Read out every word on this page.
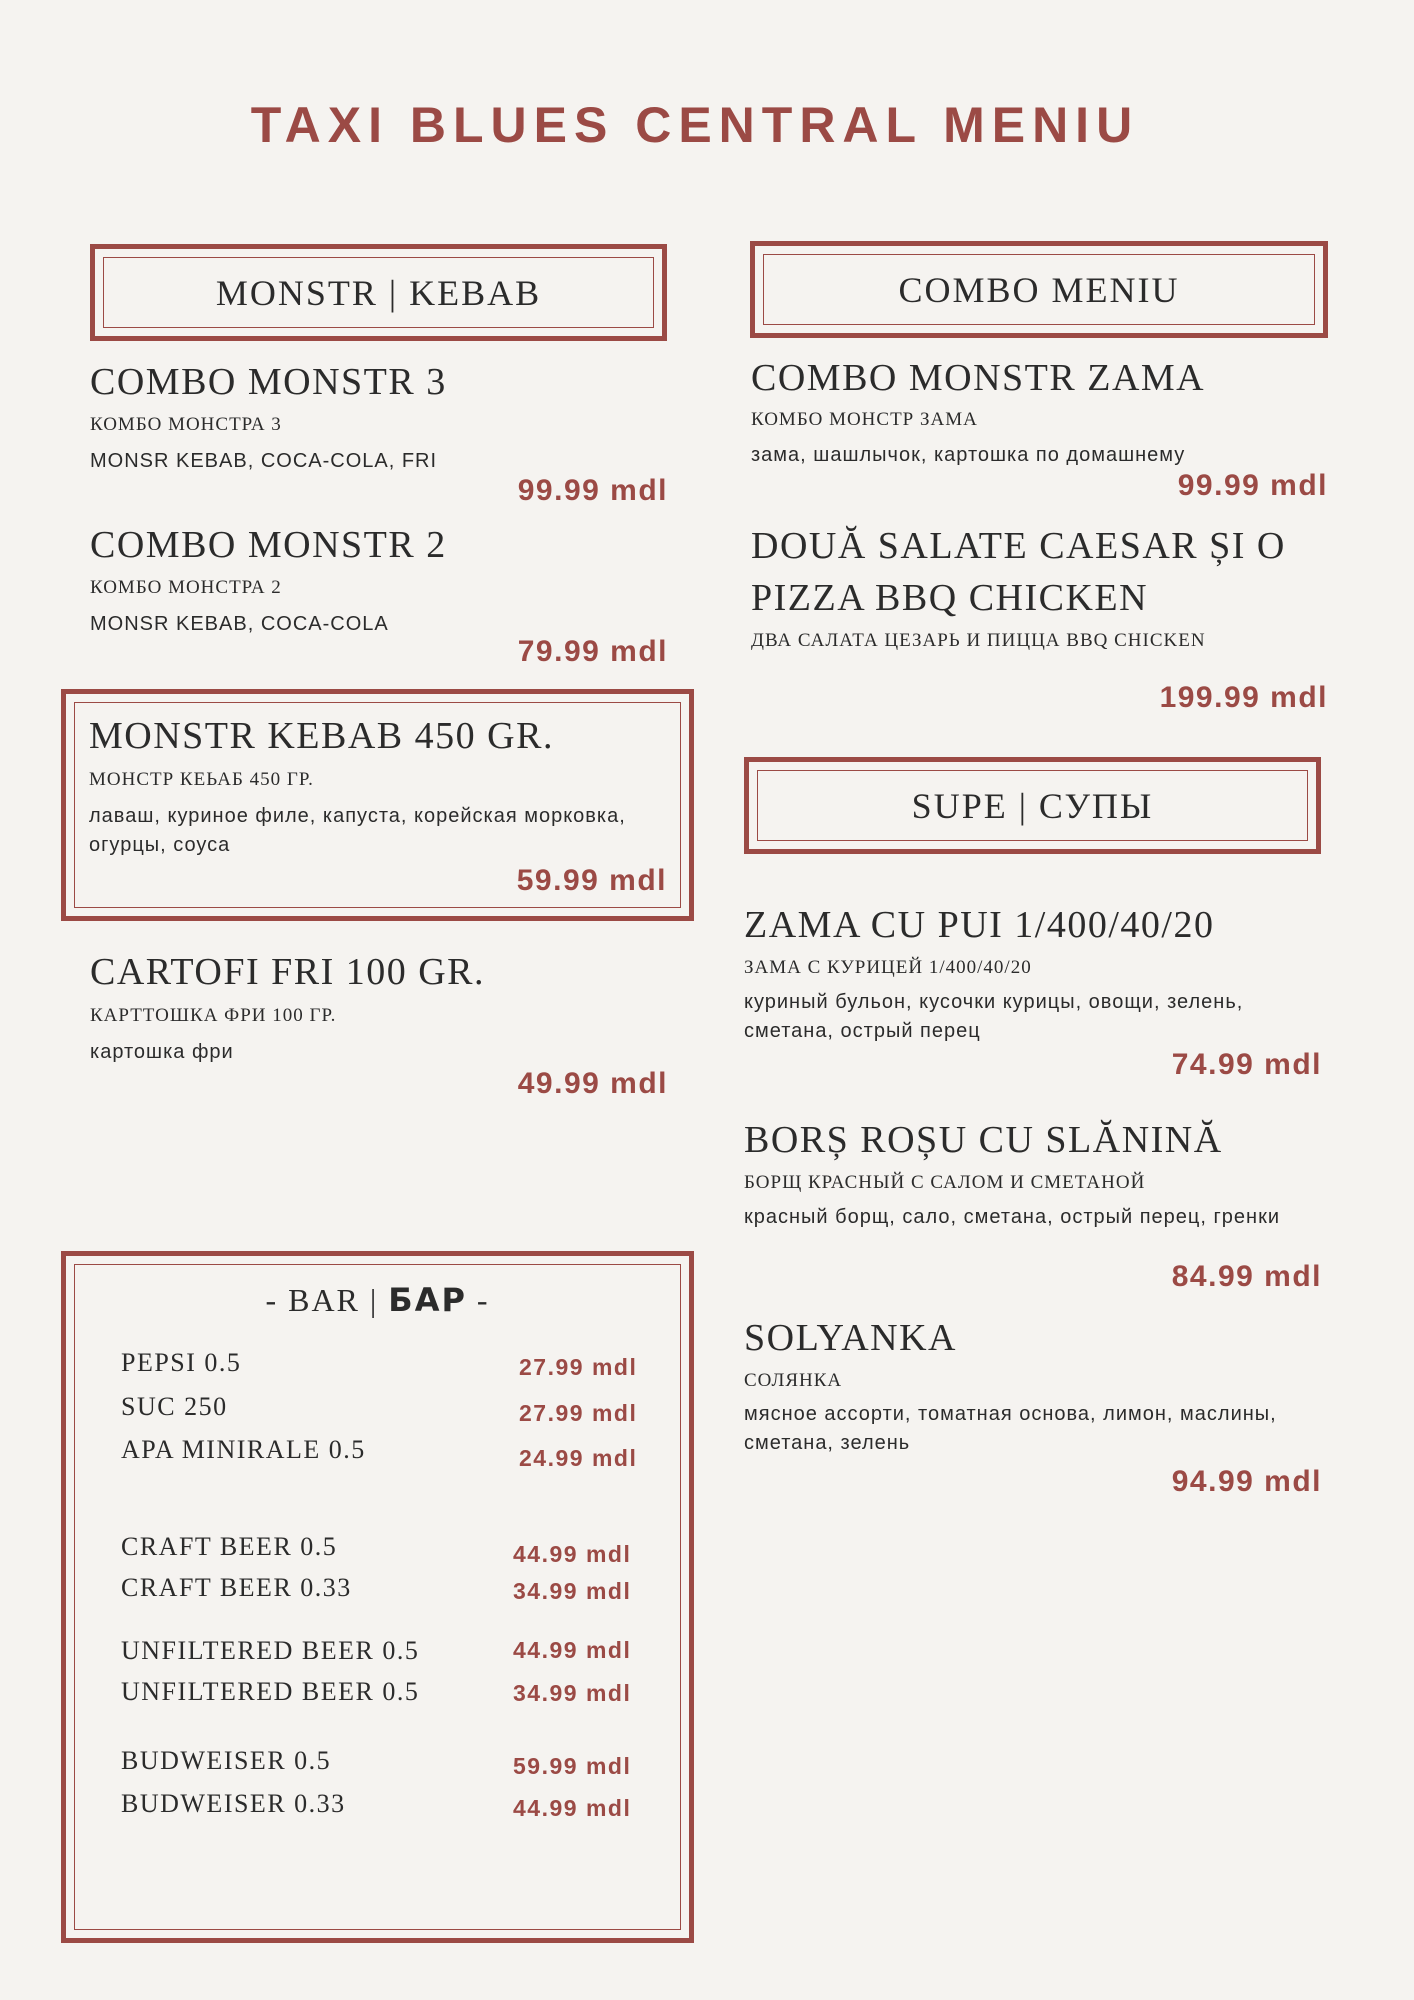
TAXI BLUES CENTRAL MENIU
MONSTR | KEBAB	COMBO MENIU
SUPE | СУПЫ
COMBO MONSTR 3
КОМБО МОНСТРА 3
MONSR KEBAB, COCA-COLA, FRI
99.99 mdl
COMBO MONSTR 2
КОМБО МОНСТРА 2
MONSR KEBAB, COCA-COLA
79.99 mdl
MONSTR KEBAB 450 GR.
МОНСТР КЕЬАБ 450 ГР.
лаваш, куриное филе, капуста, корейская морковка, огурцы, соуса
59.99 mdl
CARTOFI FRI 100 GR.
КАРТТОШКА ФРИ 100 ГР.
картошка фри
49.99 mdl
COMBO MONSTR ZAMA
КОМБО МОНСТР ЗАМА
зама, шашлычок, картошка по домашнему
99.99 mdl
DOUĂ SALATE CAESAR ȘI O PIZZA BBQ CHICKEN
ДВА САЛАТА ЦЕЗАРЬ И ПИЦЦА BBQ CHICKEN
199.99 mdl
ZAMA CU PUI 1/400/40/20
ЗАМА С КУРИЦЕЙ 1/400/40/20
куриный бульон, кусочки курицы, овощи, зелень, сметана, острый перец
74.99 mdl
BORȘ ROȘU CU SLĂNINĂ
БОРЩ КРАСНЫЙ С САЛОМ И СМЕТАНОЙ
красный борщ, сало, сметана, острый перец, гренки
84.99 mdl
SOLYANKA
СОЛЯНКА
мясное ассорти, томатная основа, лимон, маслины, сметана, зелень
94.99 mdl
- BAR | БАР -
PEPSI 0.5	27.99 mdl
SUC 250	27.99 mdl
APA MINIRALE 0.5	24.99 mdl
CRAFT BEER 0.5	44.99 mdl
CRAFT BEER 0.33	34.99 mdl
UNFILTERED BEER 0.5	44.99 mdl
UNFILTERED BEER 0.5	34.99 mdl
BUDWEISER 0.5	59.99 mdl
BUDWEISER 0.33	44.99 mdl
